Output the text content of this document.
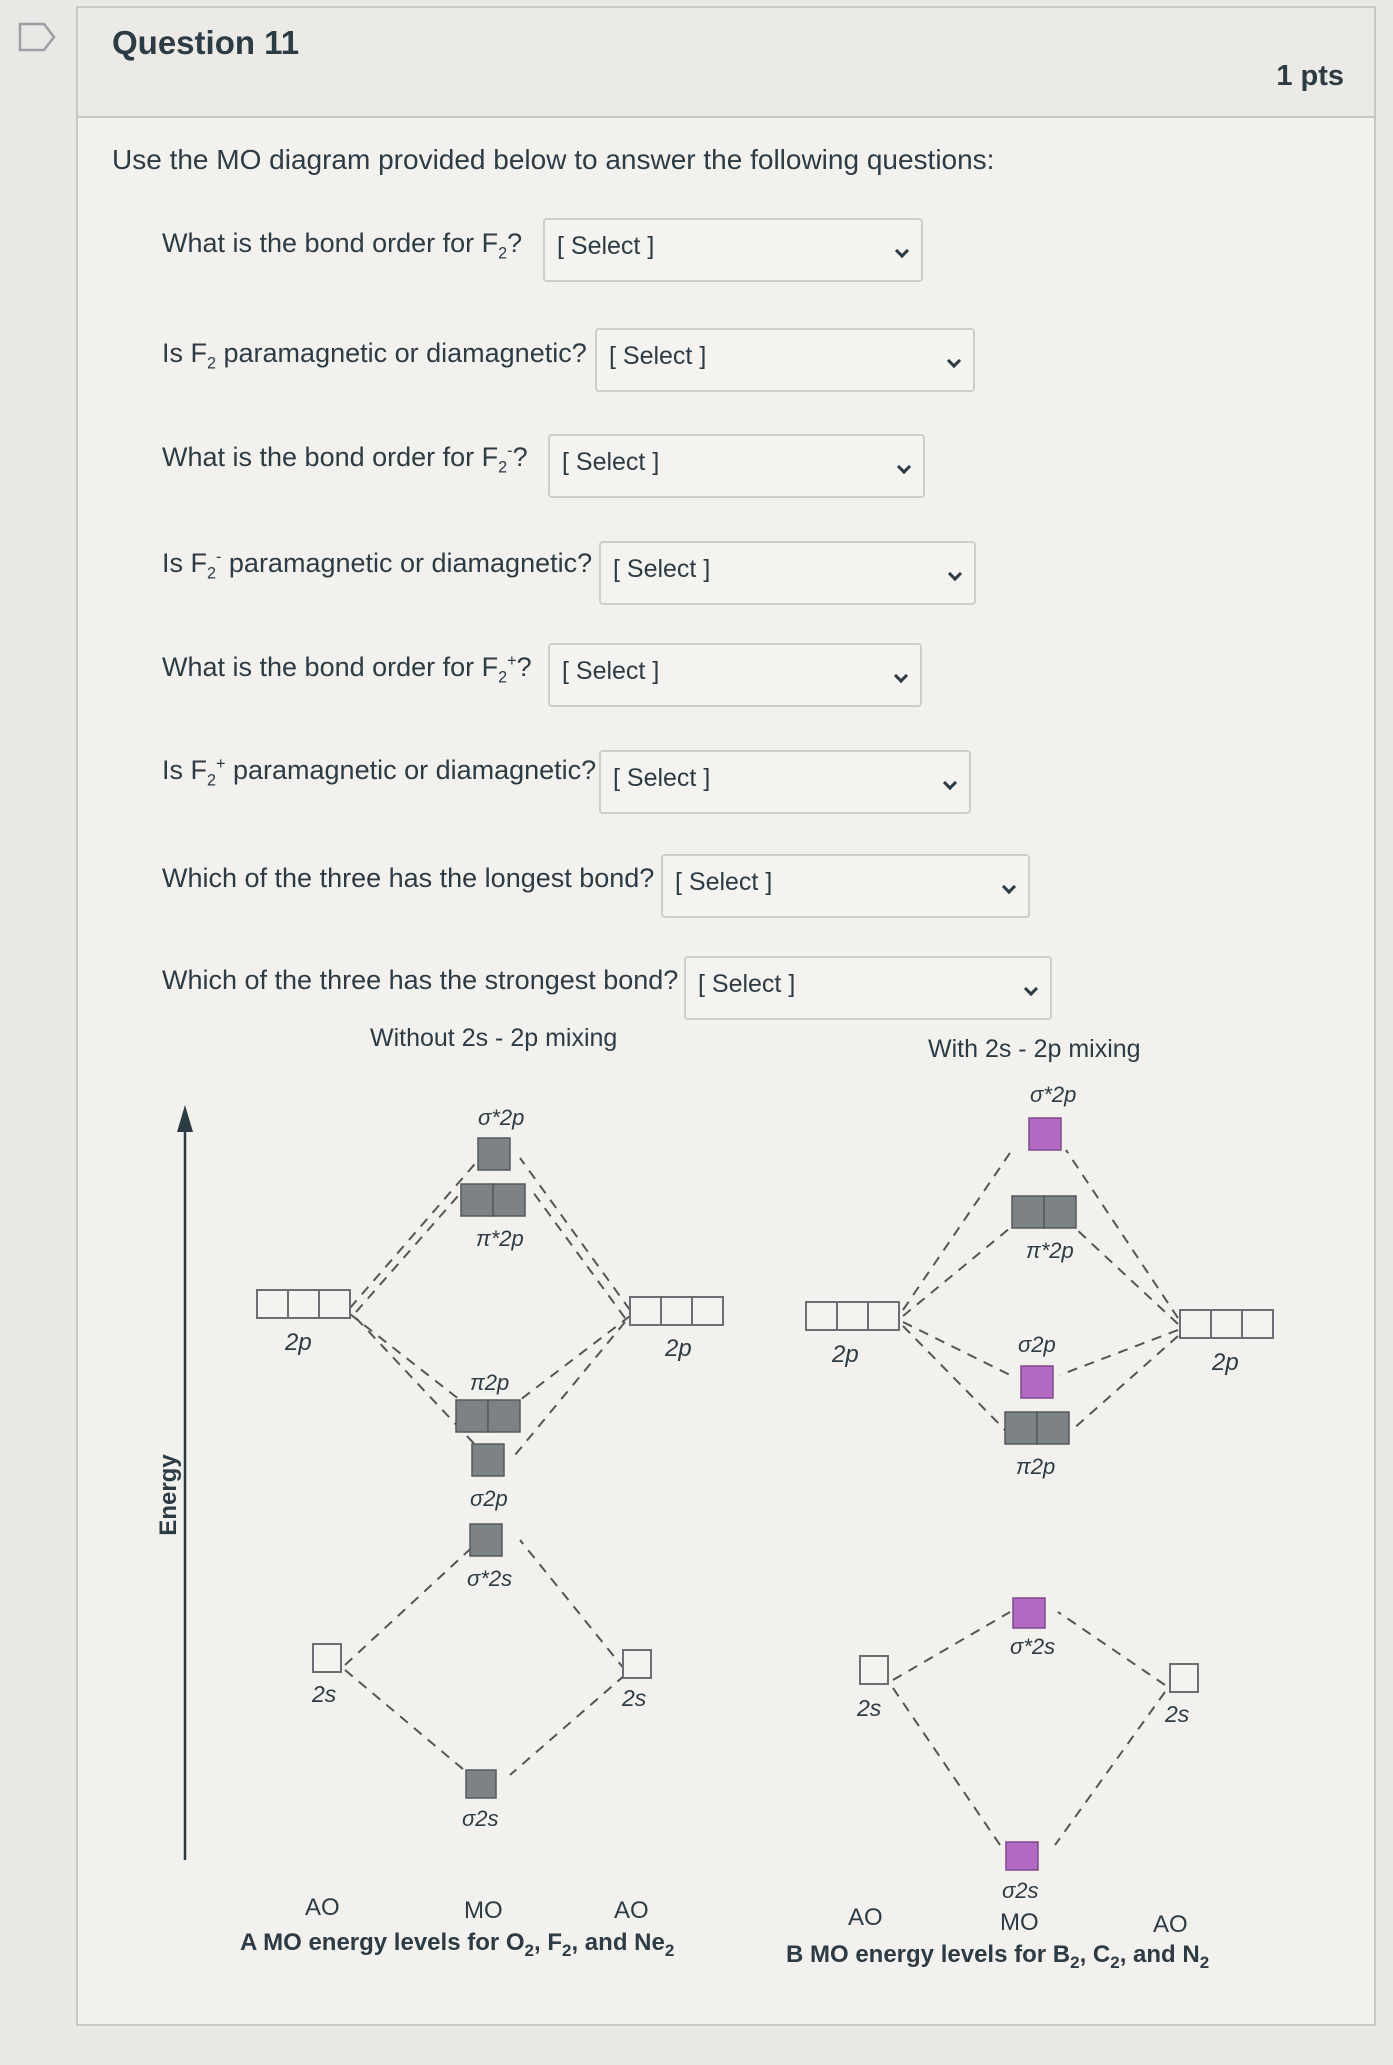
Question 11
1 pts
Use the MO diagram provided below to answer the following questions:
What is the bond order for $F_2$? [ Select ]
Is $F_2$ paramagnetic or diamagnetic? [ Select ]
What is the bond order for $F_2^-$? [ Select ]
Is $F_2^-$ paramagnetic or diamagnetic? [ Select ]
What is the bond order for $F_2^+$? [ Select ]
Is $F_2^+$ paramagnetic or diamagnetic? [ Select ]
Which of the three has the longest bond? [ Select ]
Which of the three has the strongest bond? [ Select ]
Energy
Without 2s - 2p mixing
2p	2p
σ*2p
π*2p
π2p
σ2p
σ*2s
2s	2s
σ2s
AO	MO	AO
A MO energy levels for $O_2$, $F_2$, and $Ne_2$
With 2s - 2p mixing
2p	2p
σ*2p
π*2p
σ2p
π2p
σ*2s
2s	2s
σ2s
AO	MO	AO
B MO energy levels for $B_2$, $C_2$, and $N_2$
